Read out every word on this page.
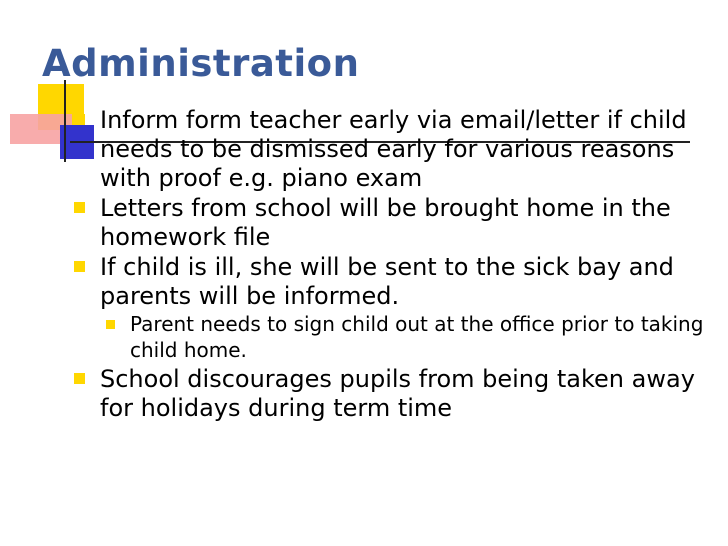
Administration
Inform form teacher early via email/letter if child needs to be dismissed early for various reasons with proof e.g. piano exam
Letters from school will be brought home in the homework file
If child is ill, she will be sent to the sick bay and parents will be informed.
Parent needs to sign child out at the office prior to taking child home.
School discourages pupils from being taken away for holidays during term time
